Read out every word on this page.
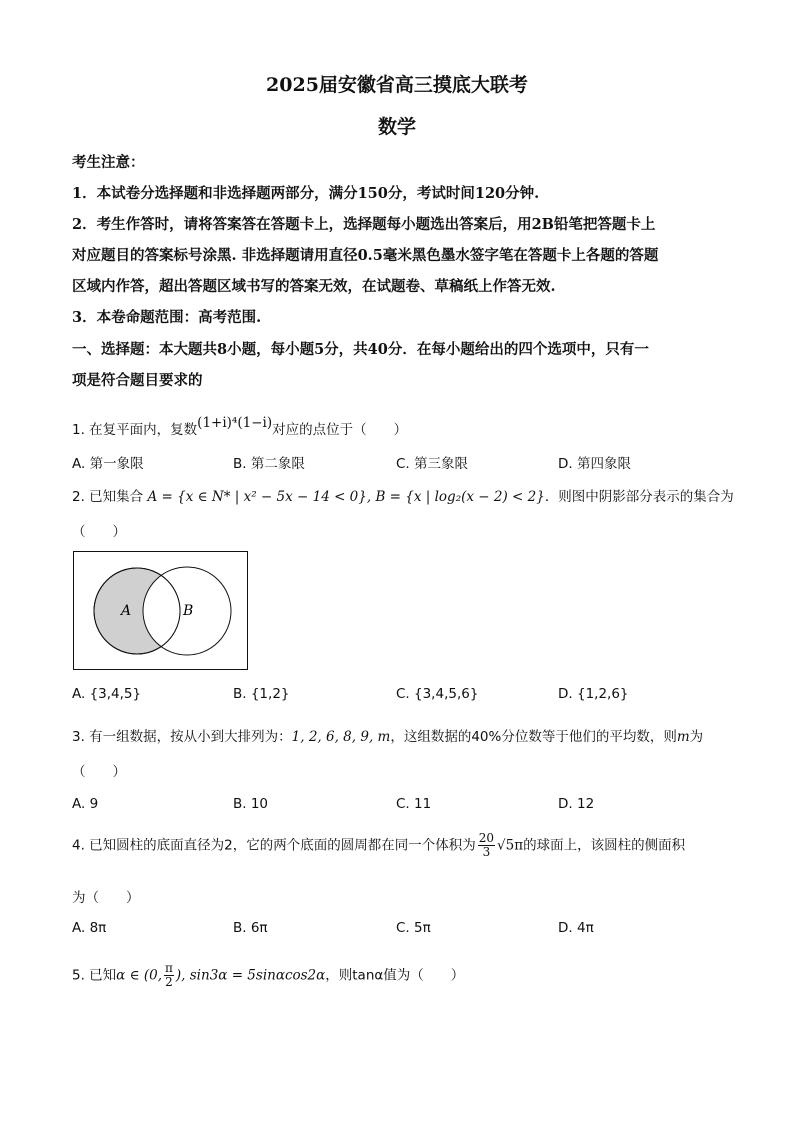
2025届安徽省高三摸底大联考
数学
考生注意：
1．本试卷分选择题和非选择题两部分，满分150分，考试时间120分钟.
2．考生作答时，请将答案答在答题卡上，选择题每小题选出答案后，用2B铅笔把答题卡上
对应题目的答案标号涂黑. 非选择题请用直径0.5毫米黑色墨水签字笔在答题卡上各题的答题
区域内作答，超出答题区域书写的答案无效，在试题卷、草稿纸上作答无效.
3．本卷命题范围：高考范围.
一、选择题：本大题共8小题，每小题5分，共40分．在每小题给出的四个选项中，只有一
项是符合题目要求的
1. 在复平面内，复数(1+i)⁴(1−i)对应的点位于（　　）
A. 第一象限	B. 第二象限	C. 第三象限	D. 第四象限
2. 已知集合 A = {x ∈ N* | x² − 5x − 14 < 0}, B = {x | log₂(x − 2) < 2}．则图中阴影部分表示的集合为
（　　）
A	B
A. {3,4,5}	B. {1,2}	C. {3,4,5,6}	D. {1,2,6}
3. 有一组数据，按从小到大排列为：1, 2, 6, 8, 9, m，这组数据的40%分位数等于他们的平均数，则m为
（　　）
A. 9	B. 10	C. 11	D. 12
4. 已知圆柱的底面直径为2，它的两个底面的圆周都在同一个体积为 $\frac{20}{3} √5\pi$的球面上，该圆柱的侧面积
为（　　）
A. 8π	B. 6π	C. 5π	D. 4π
5. 已知α ∈ (0, $\frac{\pi}{2}$ ), sin3α = 5sinαcos2α，则tanα值为（　　）
